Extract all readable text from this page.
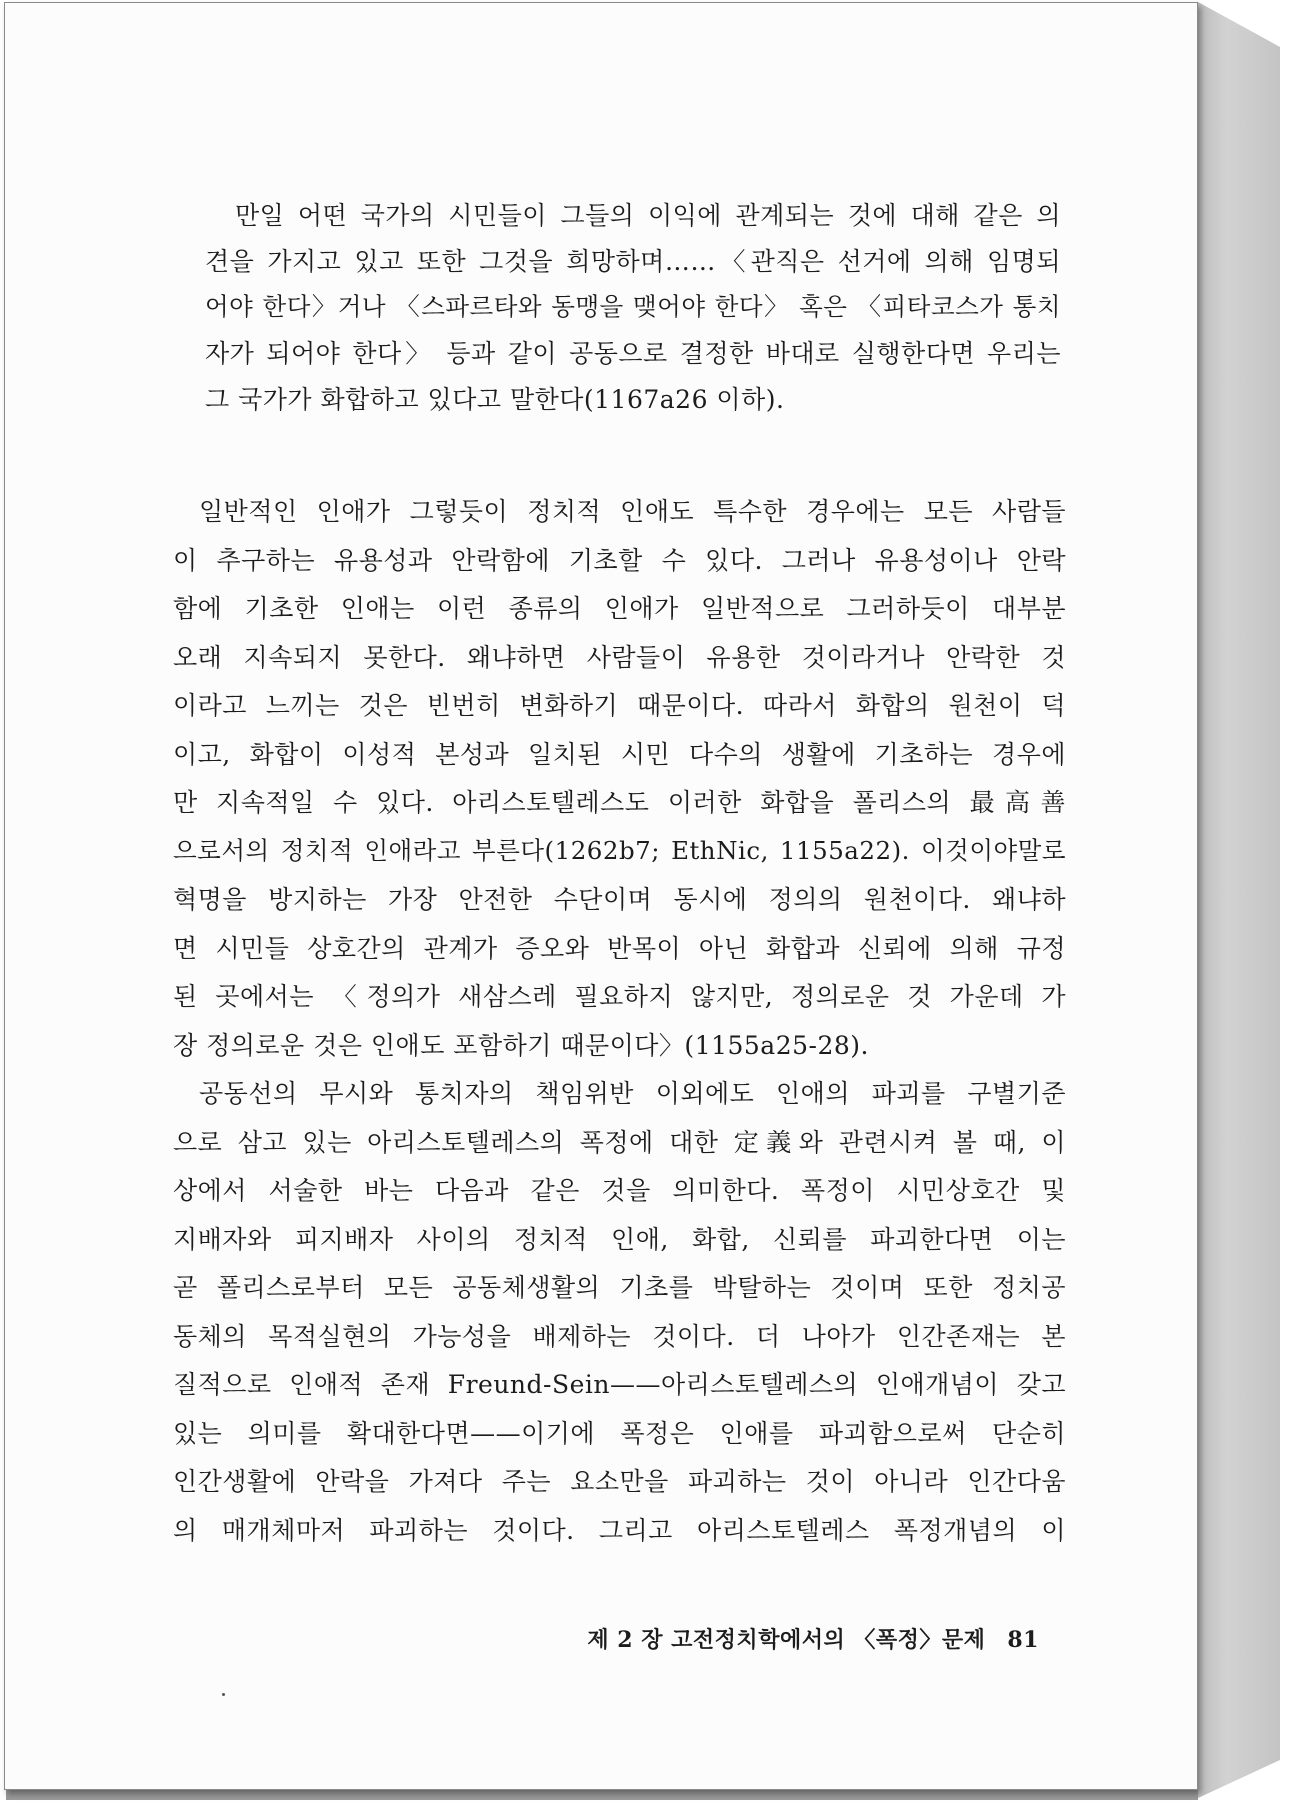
만일 어떤 국가의 시민들이 그들의 이익에 관계되는 것에 대해 같은 의
견을 가지고 있고 또한 그것을 희망하며……〈관직은 선거에 의해 임명되
어야 한다〉거나 〈스파르타와 동맹을 맺어야 한다〉 혹은 〈피타코스가 통치
자가 되어야 한다〉 등과 같이 공동으로 결정한 바대로 실행한다면 우리는
그 국가가 화합하고 있다고 말한다(1167a26 이하).
일반적인 인애가 그렇듯이 정치적 인애도 특수한 경우에는 모든 사람들
이 추구하는 유용성과 안락함에 기초할 수 있다. 그러나 유용성이나 안락
함에 기초한 인애는 이런 종류의 인애가 일반적으로 그러하듯이 대부분
오래 지속되지 못한다. 왜냐하면 사람들이 유용한 것이라거나 안락한 것
이라고 느끼는 것은 빈번히 변화하기 때문이다. 따라서 화합의 원천이 덕
이고, 화합이 이성적 본성과 일치된 시민 다수의 생활에 기초하는 경우에
만 지속적일 수 있다. 아리스토텔레스도 이러한 화합을 폴리스의 最高善
으로서의 정치적 인애라고 부른다(1262b7; EthNic, 1155a22). 이것이야말로
혁명을 방지하는 가장 안전한 수단이며 동시에 정의의 원천이다. 왜냐하
면 시민들 상호간의 관계가 증오와 반목이 아닌 화합과 신뢰에 의해 규정
된 곳에서는 〈정의가 새삼스레 필요하지 않지만, 정의로운 것 가운데 가
장 정의로운 것은 인애도 포함하기 때문이다〉(1155a25-28).
공동선의 무시와 통치자의 책임위반 이외에도 인애의 파괴를 구별기준
으로 삼고 있는 아리스토텔레스의 폭정에 대한 定義와 관련시켜 볼 때, 이
상에서 서술한 바는 다음과 같은 것을 의미한다. 폭정이 시민상호간 및
지배자와 피지배자 사이의 정치적 인애, 화합, 신뢰를 파괴한다면 이는
곧 폴리스로부터 모든 공동체생활의 기초를 박탈하는 것이며 또한 정치공
동체의 목적실현의 가능성을 배제하는 것이다. 더 나아가 인간존재는 본
질적으로 인애적 존재 Freund-Sein——아리스토텔레스의 인애개념이 갖고
있는 의미를 확대한다면——이기에 폭정은 인애를 파괴함으로써 단순히
인간생활에 안락을 가져다 주는 요소만을 파괴하는 것이 아니라 인간다움
의 매개체마저 파괴하는 것이다. 그리고 아리스토텔레스 폭정개념의 이
제 2 장 고전정치학에서의 〈폭정〉문제 81
